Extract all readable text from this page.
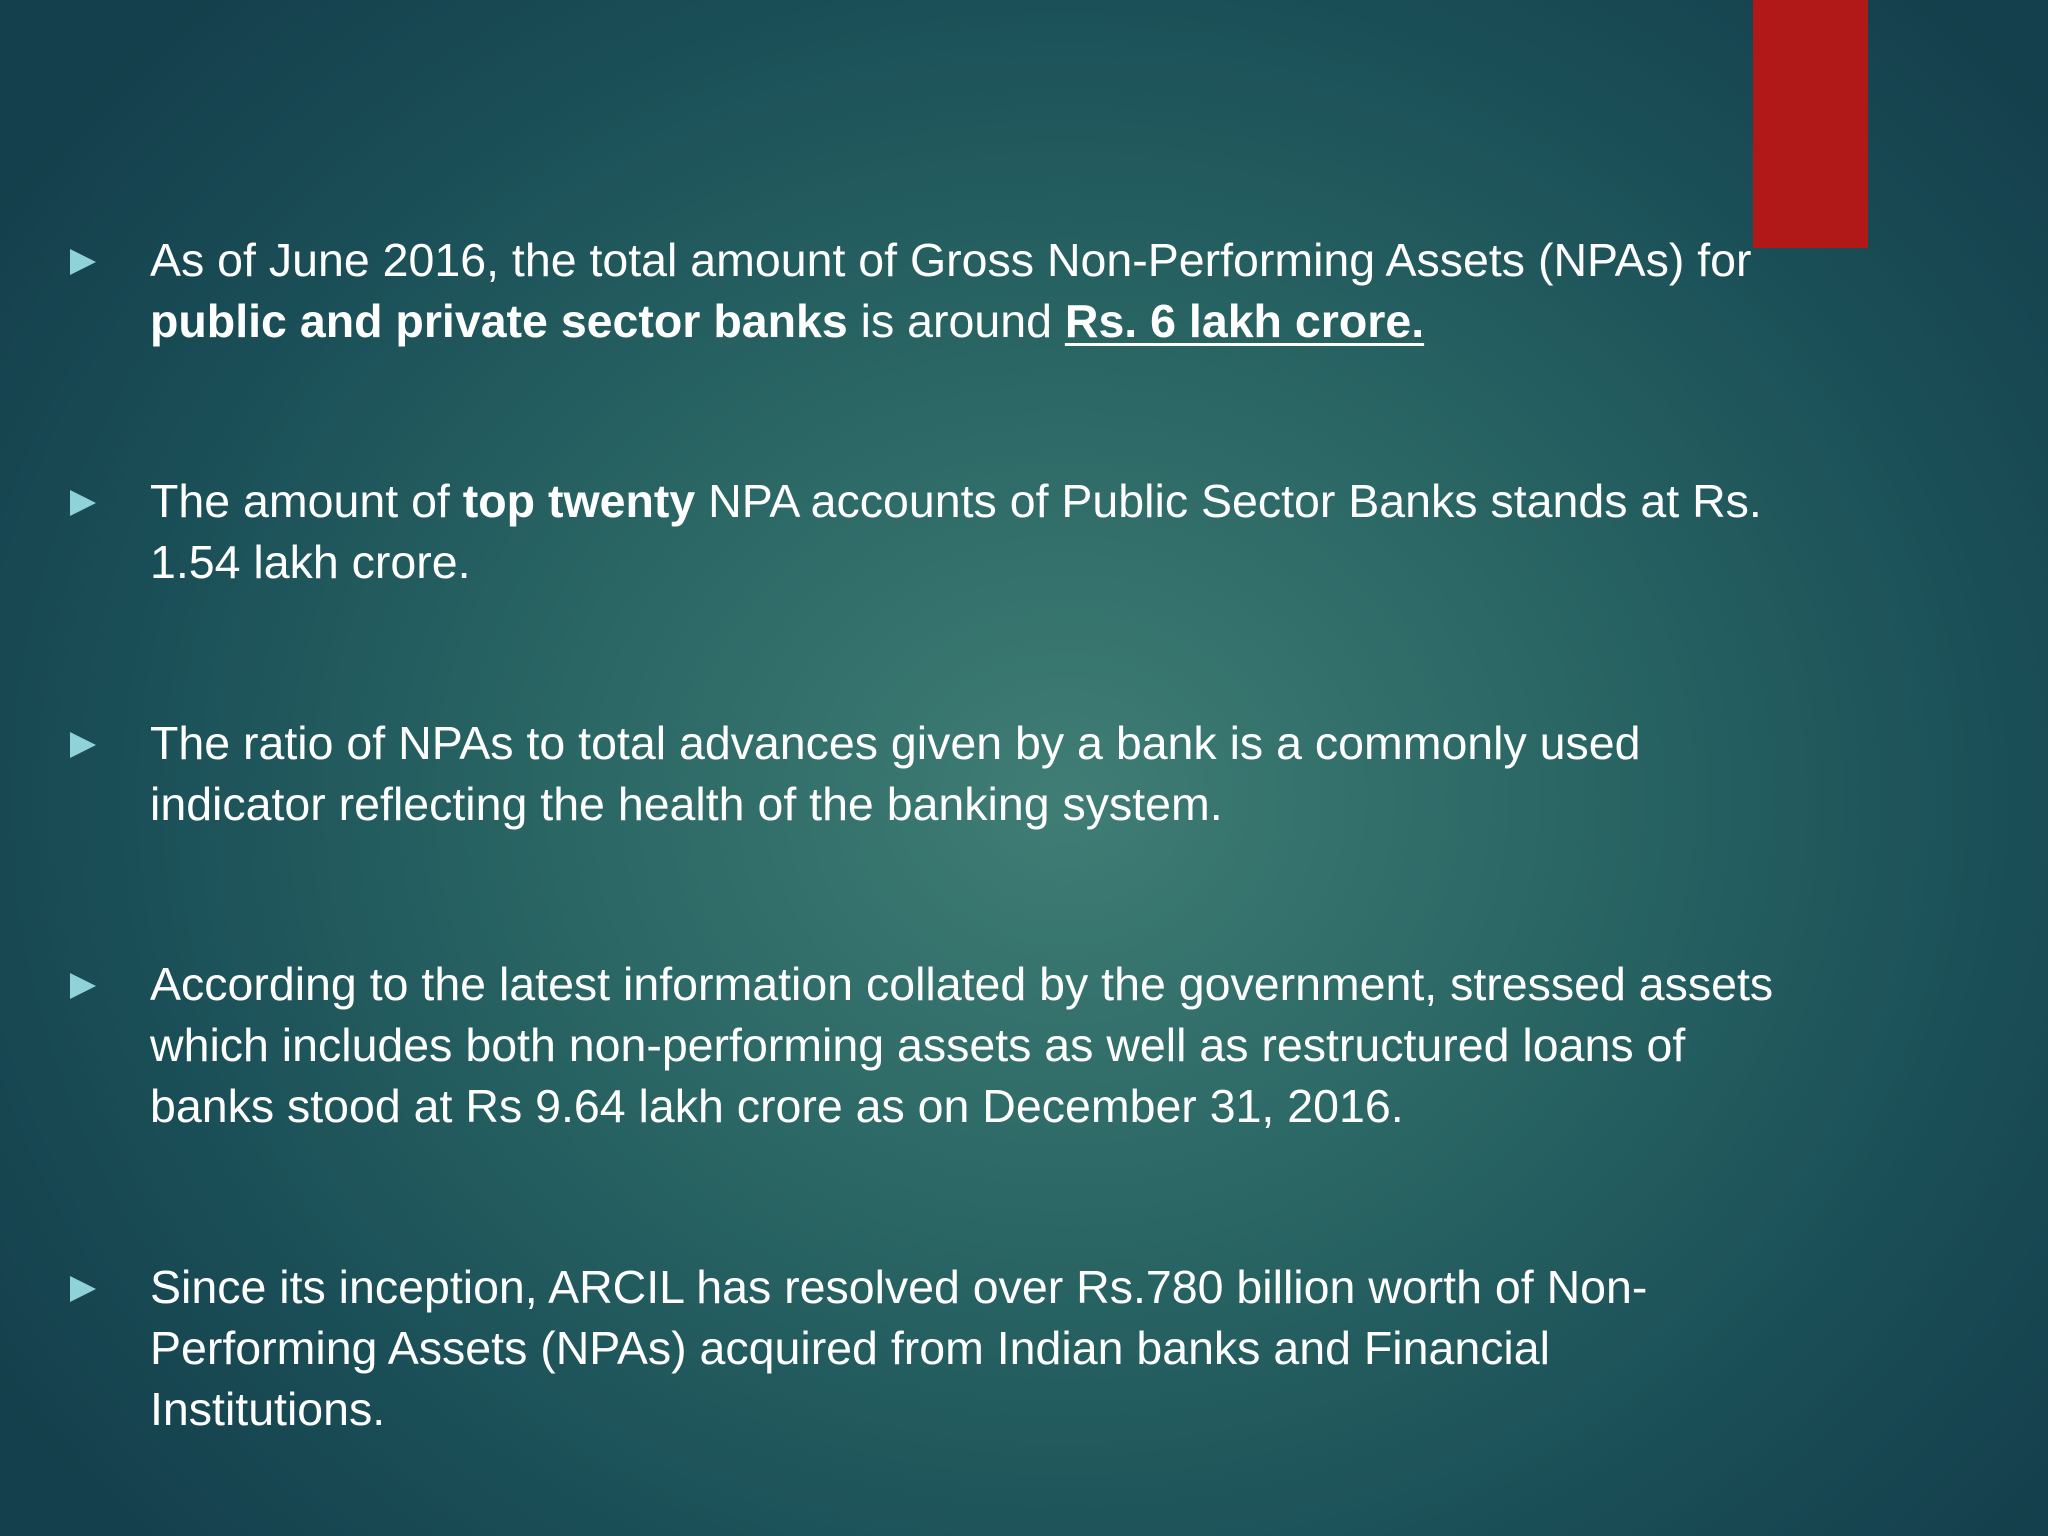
As of June 2016, the total amount of Gross Non-Performing Assets (NPAs) for
public and private sector banks is around Rs. 6 lakh crore.
The amount of top twenty NPA accounts of Public Sector Banks stands at Rs.
1.54 lakh crore.
The ratio of NPAs to total advances given by a bank is a commonly used
indicator reflecting the health of the banking system.
According to the latest information collated by the government, stressed assets
which includes both non-performing assets as well as restructured loans of
banks stood at Rs 9.64 lakh crore as on December 31, 2016.
Since its inception, ARCIL has resolved over Rs.780 billion worth of Non-
Performing Assets (NPAs) acquired from Indian banks and Financial
Institutions.
